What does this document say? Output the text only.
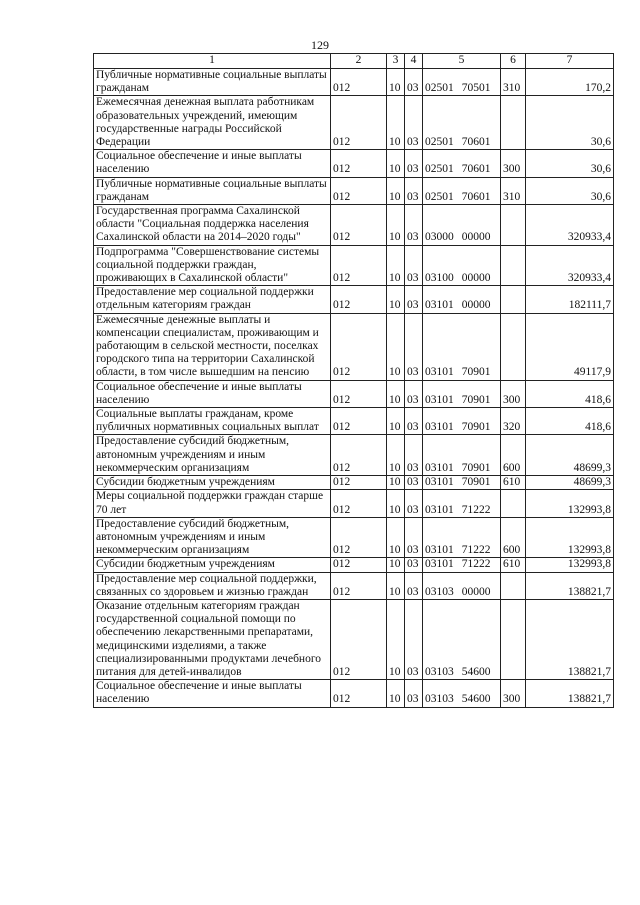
129
1	2	3	4	5	6	7
Публичные нормативные социальные выплаты гражданам	012	10	03	02501 70501	310	170,2
Ежемесячная денежная выплата работникам образовательных учреждений, имеющим государственные награды Российской Федерации	012	10	03	02501 70601		30,6
Социальное обеспечение и иные выплаты населению	012	10	03	02501 70601	300	30,6
Публичные нормативные социальные выплаты гражданам	012	10	03	02501 70601	310	30,6
Государственная программа Сахалинской области "Социальная поддержка населения Сахалинской области на 2014–2020 годы"	012	10	03	03000 00000		320933,4
Подпрограмма "Совершенствование системы социальной поддержки граждан, проживающих в Сахалинской области"	012	10	03	03100 00000		320933,4
Предоставление мер социальной поддержки отдельным категориям граждан	012	10	03	03101 00000		182111,7
Ежемесячные денежные выплаты и компенсации специалистам, проживающим и работающим в сельской местности, поселках городского типа на территории Сахалинской области, в том числе вышедшим на пенсию	012	10	03	03101 70901		49117,9
Социальное обеспечение и иные выплаты населению	012	10	03	03101 70901	300	418,6
Социальные выплаты гражданам, кроме публичных нормативных социальных выплат	012	10	03	03101 70901	320	418,6
Предоставление субсидий бюджетным, автономным учреждениям и иным некоммерческим организациям	012	10	03	03101 70901	600	48699,3
Субсидии бюджетным учреждениям	012	10	03	03101 70901	610	48699,3
Меры социальной поддержки граждан старше 70 лет	012	10	03	03101 71222		132993,8
Предоставление субсидий бюджетным, автономным учреждениям и иным некоммерческим организациям	012	10	03	03101 71222	600	132993,8
Субсидии бюджетным учреждениям	012	10	03	03101 71222	610	132993,8
Предоставление мер социальной поддержки, связанных со здоровьем и жизнью граждан	012	10	03	03103 00000		138821,7
Оказание отдельным категориям граждан государственной социальной помощи по обеспечению лекарственными препаратами, медицинскими изделиями, а также специализированными продуктами лечебного питания для детей-инвалидов	012	10	03	03103 54600		138821,7
Социальное обеспечение и иные выплаты населению	012	10	03	03103 54600	300	138821,7
